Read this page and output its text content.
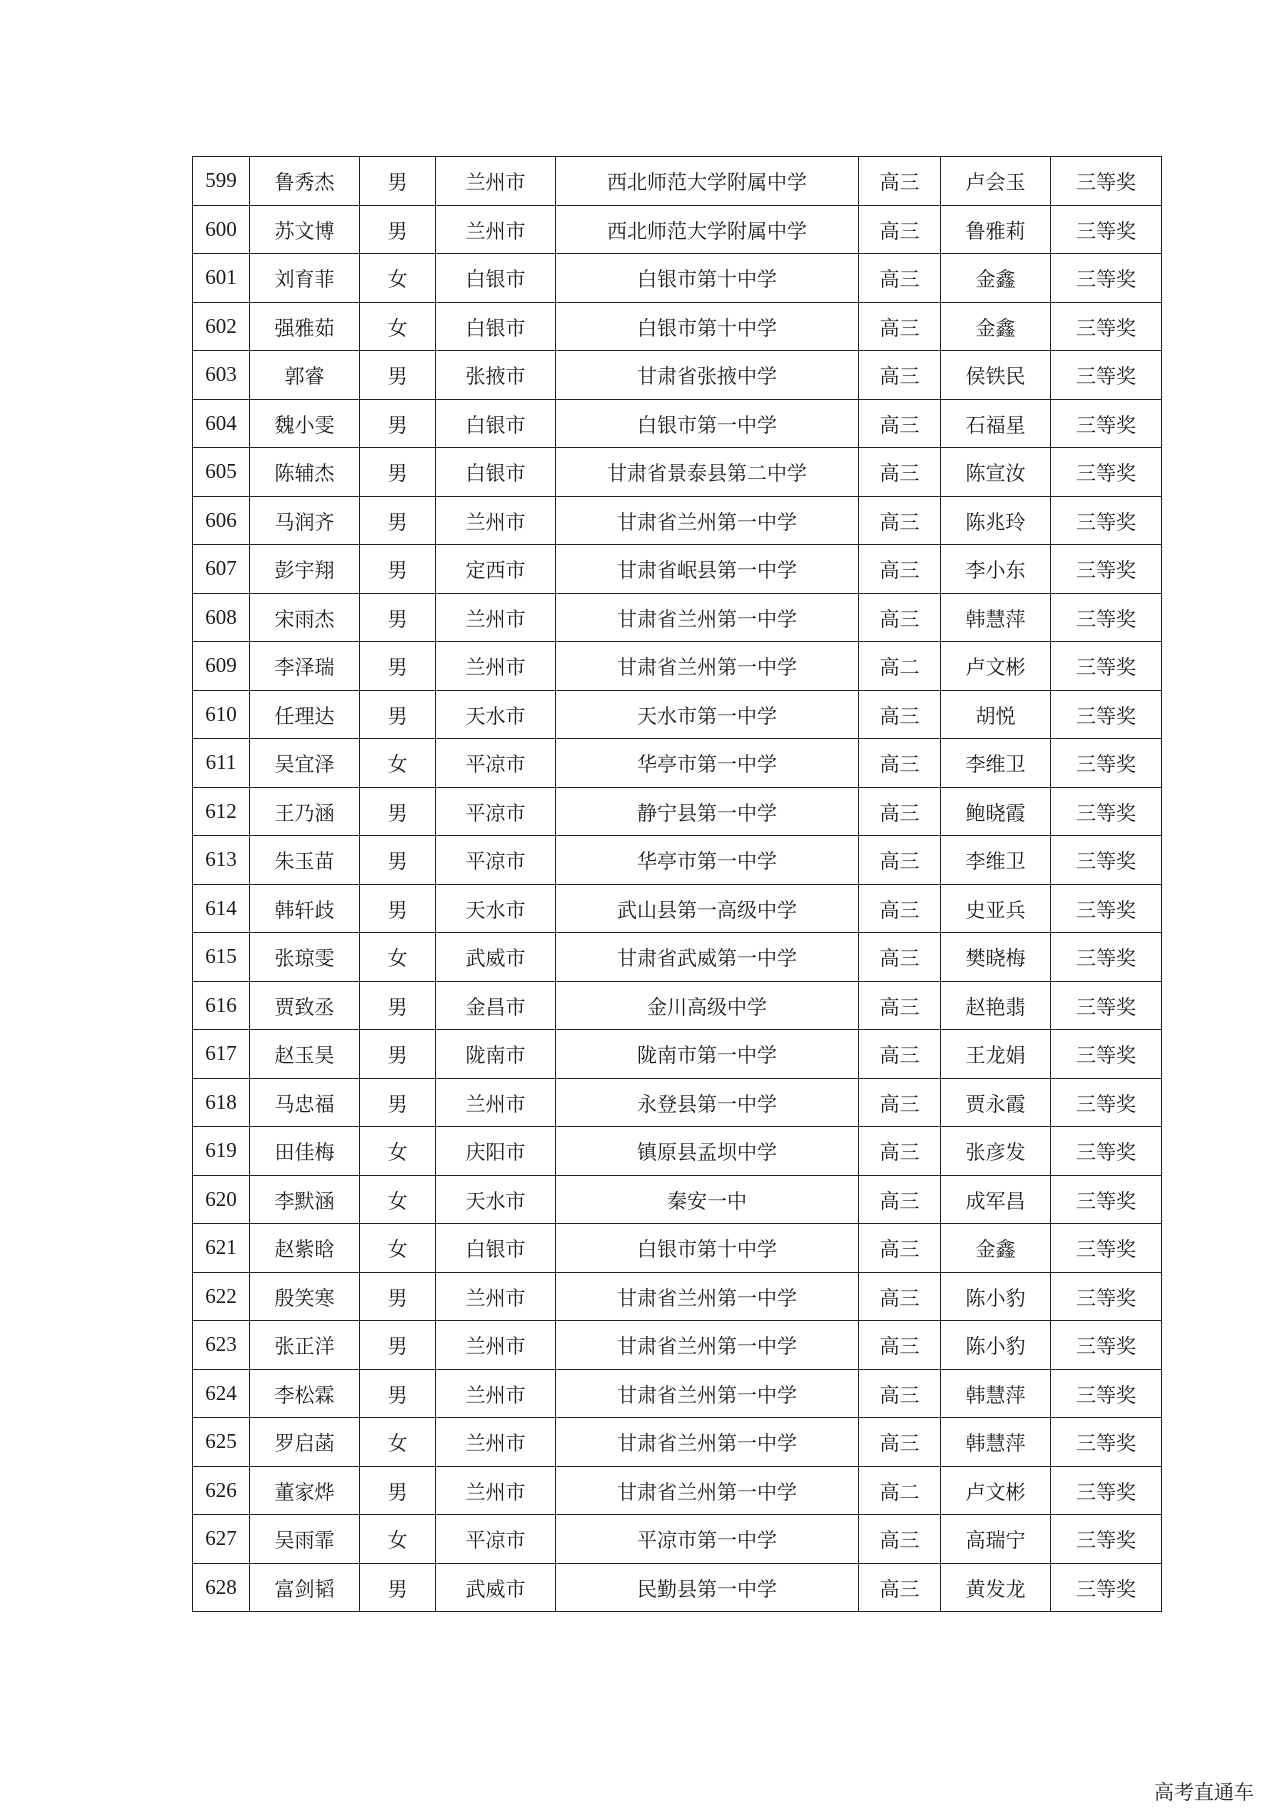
599	鲁秀杰	男	兰州市	西北师范大学附属中学	高三	卢会玉	三等奖
600	苏文博	男	兰州市	西北师范大学附属中学	高三	鲁雅莉	三等奖
601	刘育菲	女	白银市	白银市第十中学	高三	金鑫	三等奖
602	强雅茹	女	白银市	白银市第十中学	高三	金鑫	三等奖
603	郭睿	男	张掖市	甘肃省张掖中学	高三	侯铁民	三等奖
604	魏小雯	男	白银市	白银市第一中学	高三	石福星	三等奖
605	陈辅杰	男	白银市	甘肃省景泰县第二中学	高三	陈宣汝	三等奖
606	马润齐	男	兰州市	甘肃省兰州第一中学	高三	陈兆玲	三等奖
607	彭宇翔	男	定西市	甘肃省岷县第一中学	高三	李小东	三等奖
608	宋雨杰	男	兰州市	甘肃省兰州第一中学	高三	韩慧萍	三等奖
609	李泽瑞	男	兰州市	甘肃省兰州第一中学	高二	卢文彬	三等奖
610	任理达	男	天水市	天水市第一中学	高三	胡悦	三等奖
611	吴宜泽	女	平凉市	华亭市第一中学	高三	李维卫	三等奖
612	王乃涵	男	平凉市	静宁县第一中学	高三	鲍晓霞	三等奖
613	朱玉苗	男	平凉市	华亭市第一中学	高三	李维卫	三等奖
614	韩轩歧	男	天水市	武山县第一高级中学	高三	史亚兵	三等奖
615	张琼雯	女	武威市	甘肃省武威第一中学	高三	樊晓梅	三等奖
616	贾致丞	男	金昌市	金川高级中学	高三	赵艳翡	三等奖
617	赵玉昊	男	陇南市	陇南市第一中学	高三	王龙娟	三等奖
618	马忠福	男	兰州市	永登县第一中学	高三	贾永霞	三等奖
619	田佳梅	女	庆阳市	镇原县孟坝中学	高三	张彦发	三等奖
620	李默涵	女	天水市	秦安一中	高三	成军昌	三等奖
621	赵紫晗	女	白银市	白银市第十中学	高三	金鑫	三等奖
622	殷笑寒	男	兰州市	甘肃省兰州第一中学	高三	陈小豹	三等奖
623	张正洋	男	兰州市	甘肃省兰州第一中学	高三	陈小豹	三等奖
624	李松霖	男	兰州市	甘肃省兰州第一中学	高三	韩慧萍	三等奖
625	罗启菡	女	兰州市	甘肃省兰州第一中学	高三	韩慧萍	三等奖
626	董家烨	男	兰州市	甘肃省兰州第一中学	高二	卢文彬	三等奖
627	吴雨霏	女	平凉市	平凉市第一中学	高三	高瑞宁	三等奖
628	富剑韬	男	武威市	民勤县第一中学	高三	黄发龙	三等奖
高考直通车
